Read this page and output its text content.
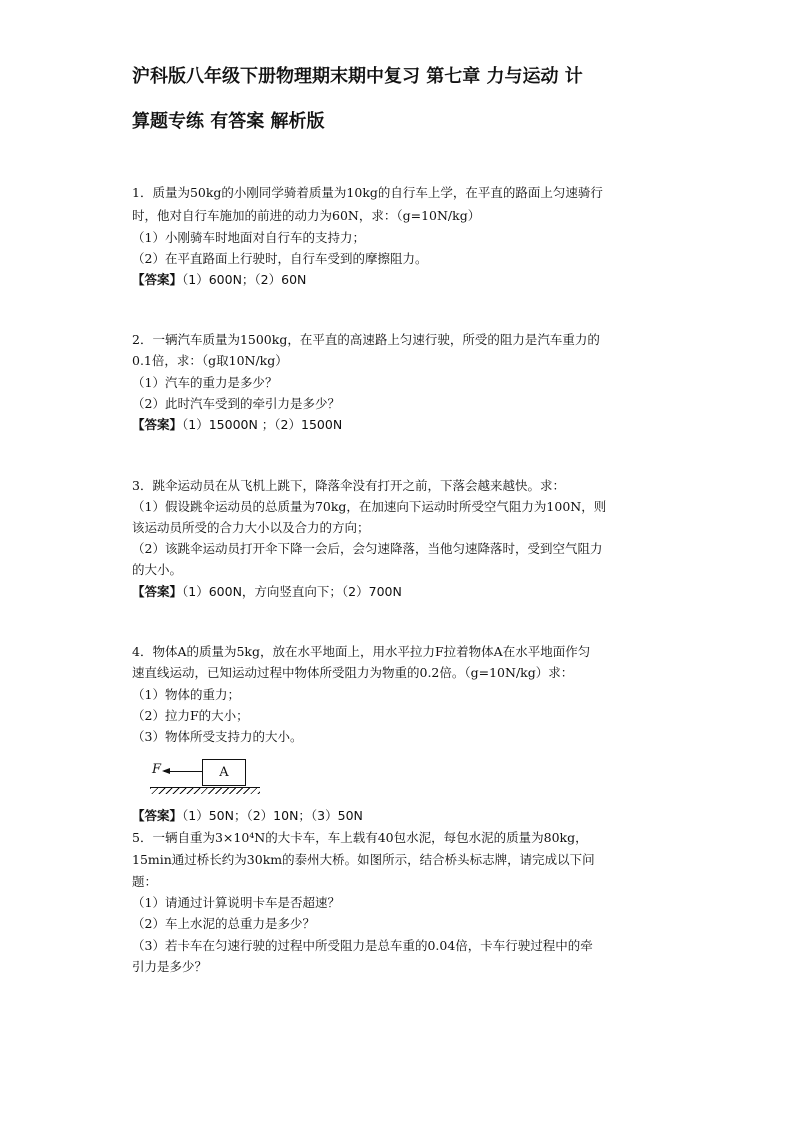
沪科版八年级下册物理期末期中复习 第七章 力与运动 计
算题专练 有答案 解析版
1．质量为50kg的小刚同学骑着质量为10kg的自行车上学，在平直的路面上匀速骑行
时，他对自行车施加的前进的动力为60N，求：（g=10N/kg）
（1）小刚骑车时地面对自行车的支持力；
（2）在平直路面上行驶时，自行车受到的摩擦阻力。
【答案】（1）600N；（2）60N
2．一辆汽车质量为1500kg，在平直的高速路上匀速行驶，所受的阻力是汽车重力的
0.1倍，求：（g取10N/kg）
（1）汽车的重力是多少？
（2）此时汽车受到的牵引力是多少？
【答案】（1）15000N ；（2）1500N
3．跳伞运动员在从飞机上跳下，降落伞没有打开之前，下落会越来越快。求：
（1）假设跳伞运动员的总质量为70kg，在加速向下运动时所受空气阻力为100N，则
该运动员所受的合力大小以及合力的方向；
（2）该跳伞运动员打开伞下降一会后，会匀速降落，当他匀速降落时，受到空气阻力
的大小。
【答案】（1）600N，方向竖直向下；（2）700N
4．物体A的质量为5kg，放在水平地面上，用水平拉力F拉着物体A在水平地面作匀
速直线运动，已知运动过程中物体所受阻力为物重的0.2倍。（g=10N/kg）求：
（1）物体的重力；
（2）拉力F的大小；
（3）物体所受支持力的大小。
A
F
【答案】（1）50N；（2）10N；（3）50N
5．一辆自重为3×10⁴N的大卡车，车上载有40包水泥，每包水泥的质量为80kg，
15min通过桥长约为30km的泰州大桥。如图所示，结合桥头标志牌，请完成以下问
题：
（1）请通过计算说明卡车是否超速？
（2）车上水泥的总重力是多少？
（3）若卡车在匀速行驶的过程中所受阻力是总车重的0.04倍，卡车行驶过程中的牵
引力是多少？
